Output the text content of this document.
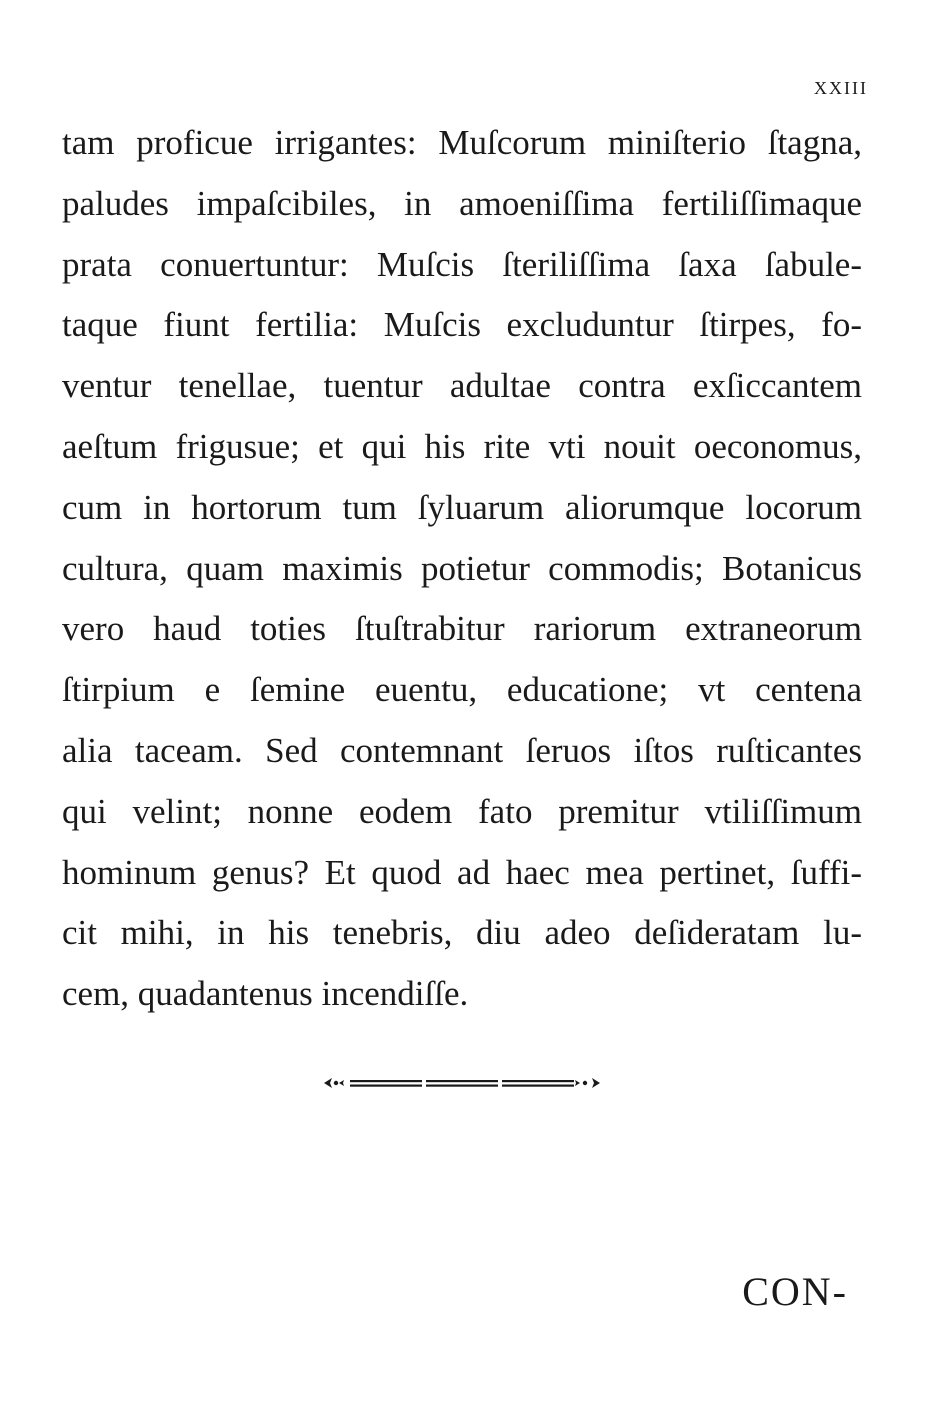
XXIII
tam proficue irrigantes: Muſcorum miniſterio ſtagna,
paludes impaſcibiles, in amoeniſſima fertiliſſimaque
prata conuertuntur: Muſcis ſteriliſſima ſaxa ſabule-
taque fiunt fertilia: Muſcis excluduntur ſtirpes, fo-
ventur tenellae, tuentur adultae contra exſiccantem
aeſtum frigusue; et qui his rite vti nouit oeconomus,
cum in hortorum tum ſyluarum aliorumque locorum
cultura, quam maximis potietur commodis; Botanicus
vero haud toties ſtuſtrabitur rariorum extraneorum
ſtirpium e ſemine euentu, educatione; vt centena
alia taceam. Sed contemnant ſeruos iſtos ruſticantes
qui velint; nonne eodem fato premitur vtiliſſimum
hominum genus? Et quod ad haec mea pertinet, ſuffi-
cit mihi, in his tenebris, diu adeo deſideratam lu-
cem, quadantenus incendiſſe.
CON-
